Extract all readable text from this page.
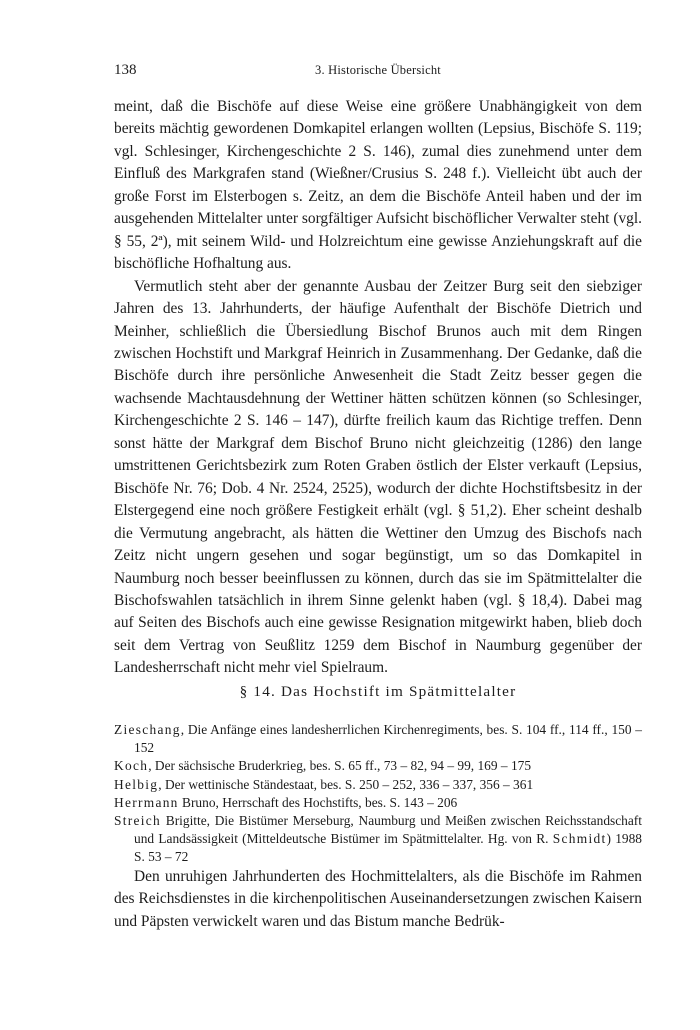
138	3. Historische Übersicht

meint, daß die Bischöfe auf diese Weise eine größere Unabhängigkeit von dem bereits mächtig gewordenen Domkapitel erlangen wollten (Lepsius, Bischöfe S. 119; vgl. Schlesinger, Kirchengeschichte 2 S. 146), zumal dies zunehmend unter dem Einfluß des Markgrafen stand (Wießner/Crusius S. 248 f.). Vielleicht übt auch der große Forst im Elsterbogen s. Zeitz, an dem die Bischöfe Anteil haben und der im ausgehenden Mittelalter unter sorgfältiger Aufsicht bischöflicher Verwalter steht (vgl. § 55, 2ª), mit seinem Wild- und Holzreichtum eine gewisse Anziehungskraft auf die bischöfliche Hofhaltung aus.

Vermutlich steht aber der genannte Ausbau der Zeitzer Burg seit den siebziger Jahren des 13. Jahrhunderts, der häufige Aufenthalt der Bischöfe Dietrich und Meinher, schließlich die Übersiedlung Bischof Brunos auch mit dem Ringen zwischen Hochstift und Markgraf Heinrich in Zusammenhang. Der Gedanke, daß die Bischöfe durch ihre persönliche Anwesenheit die Stadt Zeitz besser gegen die wachsende Machtausdehnung der Wettiner hätten schützen können (so Schlesinger, Kirchengeschichte 2 S. 146 – 147), dürfte freilich kaum das Richtige treffen. Denn sonst hätte der Markgraf dem Bischof Bruno nicht gleichzeitig (1286) den lange umstrittenen Gerichtsbezirk zum Roten Graben östlich der Elster verkauft (Lepsius, Bischöfe Nr. 76; Dob. 4 Nr. 2524, 2525), wodurch der dichte Hochstiftsbesitz in der Elstergegend eine noch größere Festigkeit erhält (vgl. § 51,2). Eher scheint deshalb die Vermutung angebracht, als hätten die Wettiner den Umzug des Bischofs nach Zeitz nicht ungern gesehen und sogar begünstigt, um so das Domkapitel in Naumburg noch besser beeinflussen zu können, durch das sie im Spätmittelalter die Bischofswahlen tatsächlich in ihrem Sinne gelenkt haben (vgl. § 18,4). Dabei mag auf Seiten des Bischofs auch eine gewisse Resignation mitgewirkt haben, blieb doch seit dem Vertrag von Seußlitz 1259 dem Bischof in Naumburg gegenüber der Landesherrschaft nicht mehr viel Spielraum.

§ 14. Das Hochstift im Spätmittelalter
Zieschang, Die Anfänge eines landesherrlichen Kirchenregiments, bes. S. 104 ff., 114 ff., 150 – 152
Koch, Der sächsische Bruderkrieg, bes. S. 65 ff., 73 – 82, 94 – 99, 169 – 175
Helbig, Der wettinische Ständestaat, bes. S. 250 – 252, 336 – 337, 356 – 361
Herrmann Bruno, Herrschaft des Hochstifts, bes. S. 143 – 206
Streich Brigitte, Die Bistümer Merseburg, Naumburg und Meißen zwischen Reichsstandschaft und Landsässigkeit (Mitteldeutsche Bistümer im Spätmittelalter. Hg. von R. Schmidt) 1988 S. 53 – 72

Den unruhigen Jahrhunderten des Hochmittelalters, als die Bischöfe im Rahmen des Reichsdienstes in die kirchenpolitischen Auseinandersetzungen zwischen Kaisern und Päpsten verwickelt waren und das Bistum manche Bedrük-
